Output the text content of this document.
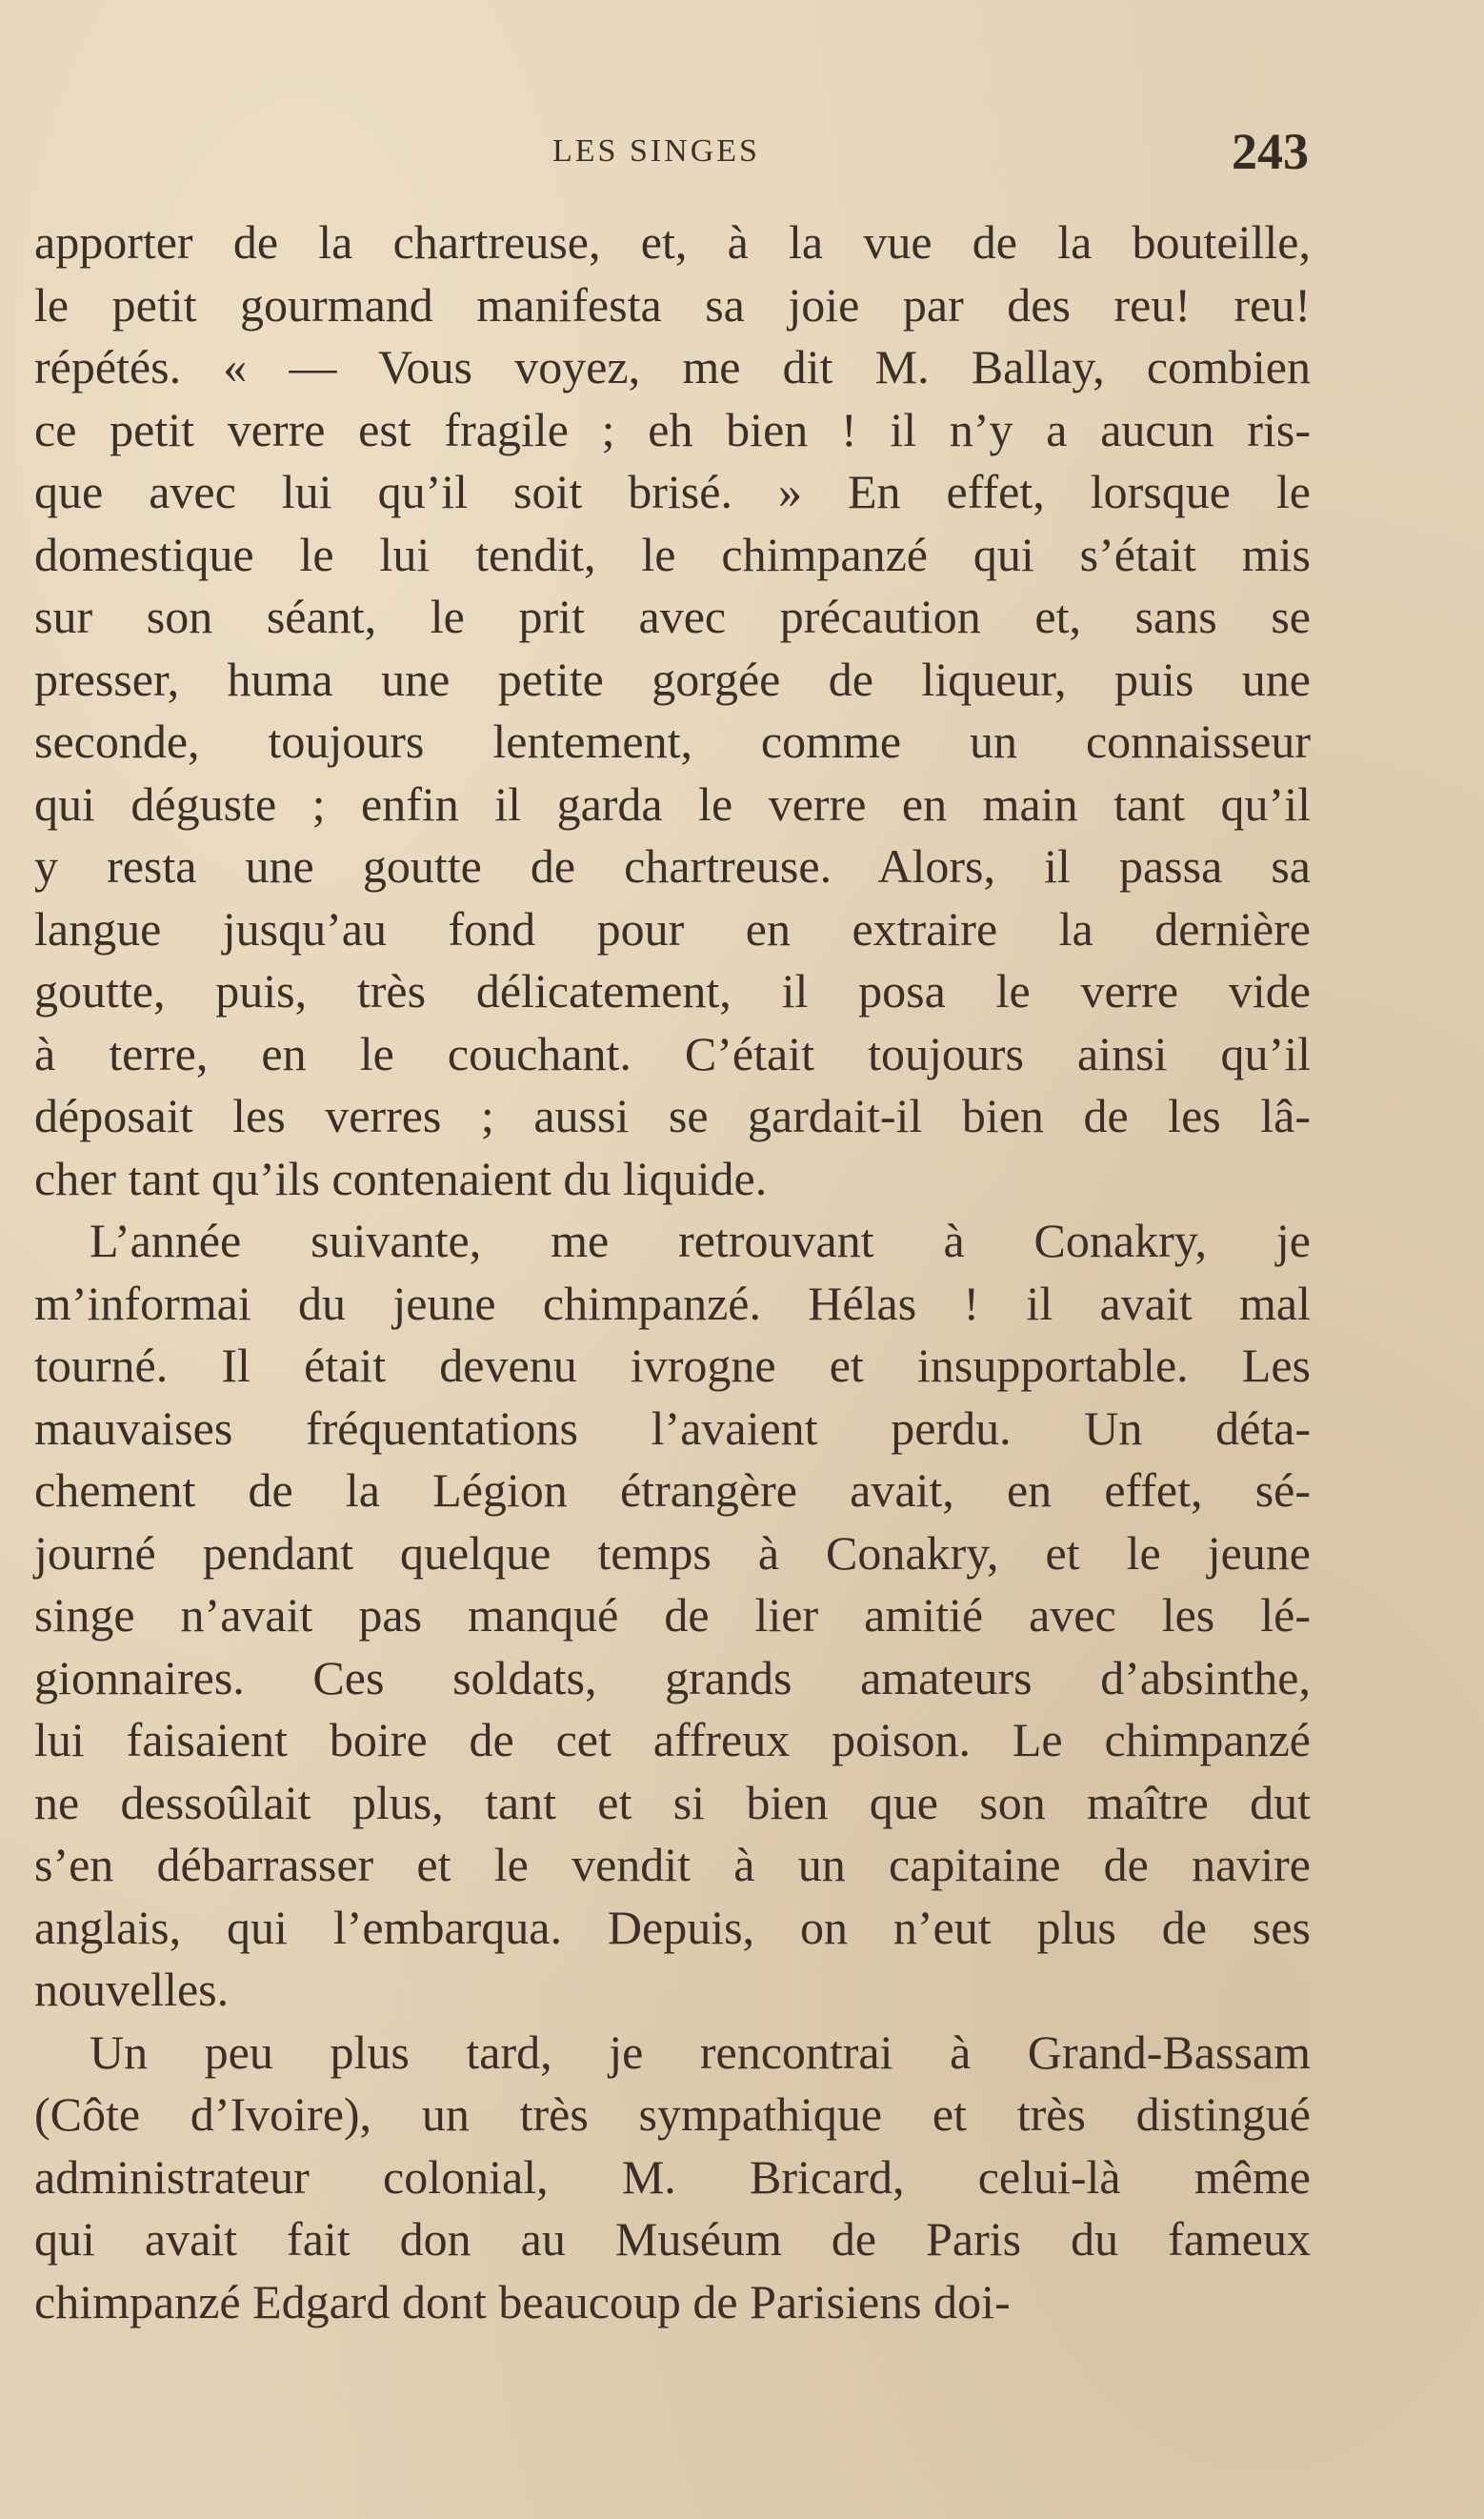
LES SINGES	243

apporter de la chartreuse, et, à la vue de la bouteille,
le petit gourmand manifesta sa joie par des reu! reu!
répétés. « — Vous voyez, me dit M. Ballay, combien
ce petit verre est fragile ; eh bien ! il n’y a aucun ris-
que avec lui qu’il soit brisé. » En effet, lorsque le
domestique le lui tendit, le chimpanzé qui s’était mis
sur son séant, le prit avec précaution et, sans se
presser, huma une petite gorgée de liqueur, puis une
seconde, toujours lentement, comme un connaisseur
qui déguste ; enfin il garda le verre en main tant qu’il
y resta une goutte de chartreuse. Alors, il passa sa
langue jusqu’au fond pour en extraire la dernière
goutte, puis, très délicatement, il posa le verre vide
à terre, en le couchant. C’était toujours ainsi qu’il
déposait les verres ; aussi se gardait-il bien de les lâ-
cher tant qu’ils contenaient du liquide.

L’année suivante, me retrouvant à Conakry, je
m’informai du jeune chimpanzé. Hélas ! il avait mal
tourné. Il était devenu ivrogne et insupportable. Les
mauvaises fréquentations l’avaient perdu. Un déta-
chement de la Légion étrangère avait, en effet, sé-
journé pendant quelque temps à Conakry, et le jeune
singe n’avait pas manqué de lier amitié avec les lé-
gionnaires. Ces soldats, grands amateurs d’absinthe,
lui faisaient boire de cet affreux poison. Le chimpanzé
ne dessoûlait plus, tant et si bien que son maître dut
s’en débarrasser et le vendit à un capitaine de navire
anglais, qui l’embarqua. Depuis, on n’eut plus de ses
nouvelles.

Un peu plus tard, je rencontrai à Grand-Bassam
(Côte d’Ivoire), un très sympathique et très distingué
administrateur colonial, M. Bricard, celui-là même
qui avait fait don au Muséum de Paris du fameux
chimpanzé Edgard dont beaucoup de Parisiens doi-
